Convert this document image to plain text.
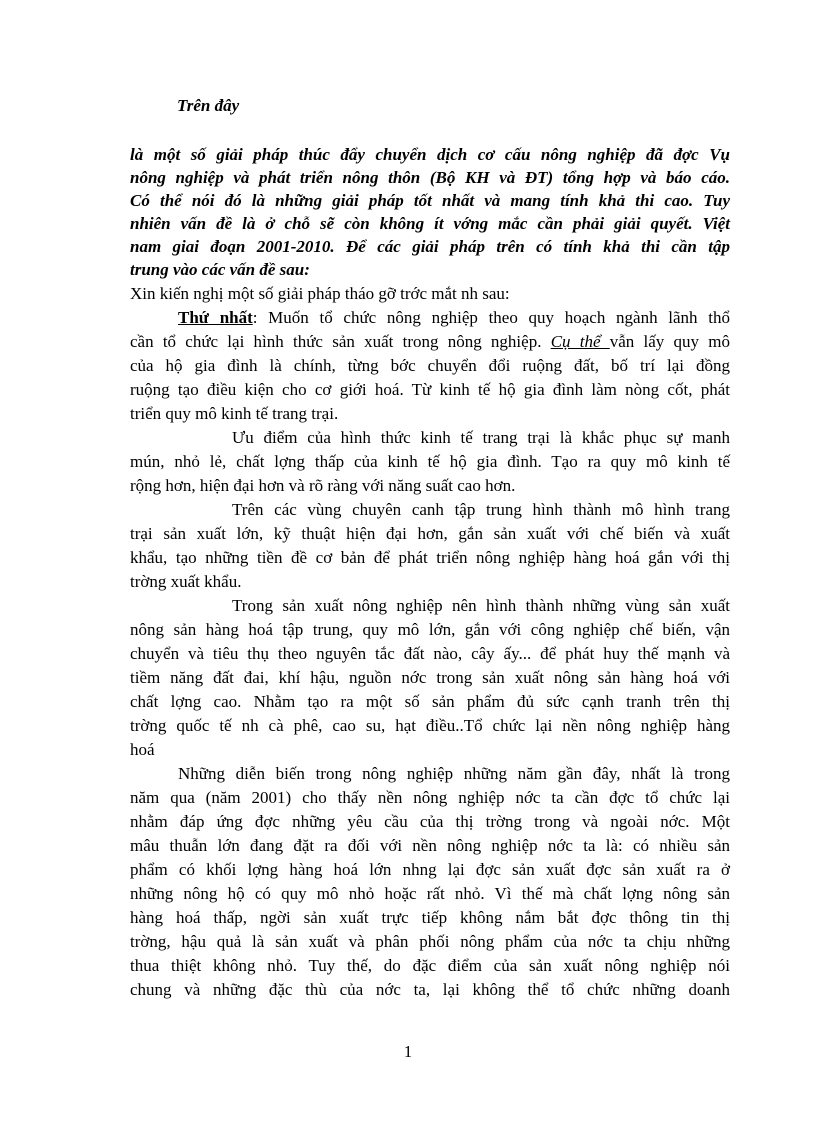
Trên đây
là một số giải pháp thúc đẩy chuyển dịch cơ cấu nông nghiệp đã đợc Vụ
nông nghiệp và phát triển nông thôn (Bộ KH và ĐT) tổng hợp và báo cáo.
Có thể nói đó là những giải pháp tốt nhất và mang tính khả thi cao. Tuy
nhiên vấn đề là ở chỗ sẽ còn không ít vớng mắc cần phải giải quyết. Việt
nam giai đoạn 2001-2010. Để các giải pháp trên có tính khả thi cần tập
trung vào các vấn đề sau:
Xin kiến nghị một số giải pháp tháo gỡ trớc mắt nh sau:
Thứ nhất: Muốn tổ chức nông nghiệp theo quy hoạch ngành lãnh thổ
cần tổ chức lại hình thức sản xuất trong nông nghiệp. Cụ thể vẫn lấy quy mô
của hộ gia đình là chính, từng bớc chuyển đổi ruộng đất, bố trí lại đồng
ruộng tạo điều kiện cho cơ giới hoá. Từ kinh tế hộ gia đình làm nòng cốt, phát
triển quy mô kinh tế trang trại.
Ưu điểm của hình thức kinh tế trang trại là khắc phục sự manh
mún, nhỏ lẻ, chất lợng thấp của kinh tế hộ gia đình. Tạo ra quy mô kinh tế
rộng hơn, hiện đại hơn và rõ ràng với năng suất cao hơn.
Trên các vùng chuyên canh tập trung hình thành mô hình trang
trại sản xuất lớn, kỹ thuật hiện đại hơn, gắn sản xuất với chế biến và xuất
khẩu, tạo những tiền đề cơ bản để phát triển nông nghiệp hàng hoá gắn với thị
trờng xuất khẩu.
Trong sản xuất nông nghiệp nên hình thành những vùng sản xuất
nông sản hàng hoá tập trung, quy mô lớn, gắn với công nghiệp chế biến, vận
chuyển và tiêu thụ theo nguyên tắc đất nào, cây ấy... để phát huy thế mạnh và
tiềm năng đất đai, khí hậu, nguồn nớc trong sản xuất nông sản hàng hoá với
chất lợng cao. Nhằm tạo ra một số sản phẩm đủ sức cạnh tranh trên thị
trờng quốc tế nh cà phê, cao su, hạt điều..Tổ chức lại nền nông nghiệp hàng
hoá
Những diễn biến trong nông nghiệp những năm gần đây, nhất là trong
năm qua (năm 2001) cho thấy nền nông nghiệp nớc ta cần đợc tổ chức lại
nhằm đáp ứng đợc những yêu cầu của thị trờng trong và ngoài nớc. Một
mâu thuẫn lớn đang đặt ra đối với nền nông nghiệp nớc ta là: có nhiều sản
phẩm có khối lợng hàng hoá lớn nhng lại đợc sản xuất đợc sản xuất ra ở
những nông hộ có quy mô nhỏ hoặc rất nhỏ. Vì thế mà chất lợng nông sản
hàng hoá thấp, ngời sản xuất trực tiếp không nắm bắt đợc thông tin thị
trờng, hậu quả là sản xuất và phân phối nông phẩm của nớc ta chịu những
thua thiệt không nhỏ. Tuy thế, do đặc điểm của sản xuất nông nghiệp nói
chung và những đặc thù của nớc ta, lại không thể tổ chức những doanh
1
